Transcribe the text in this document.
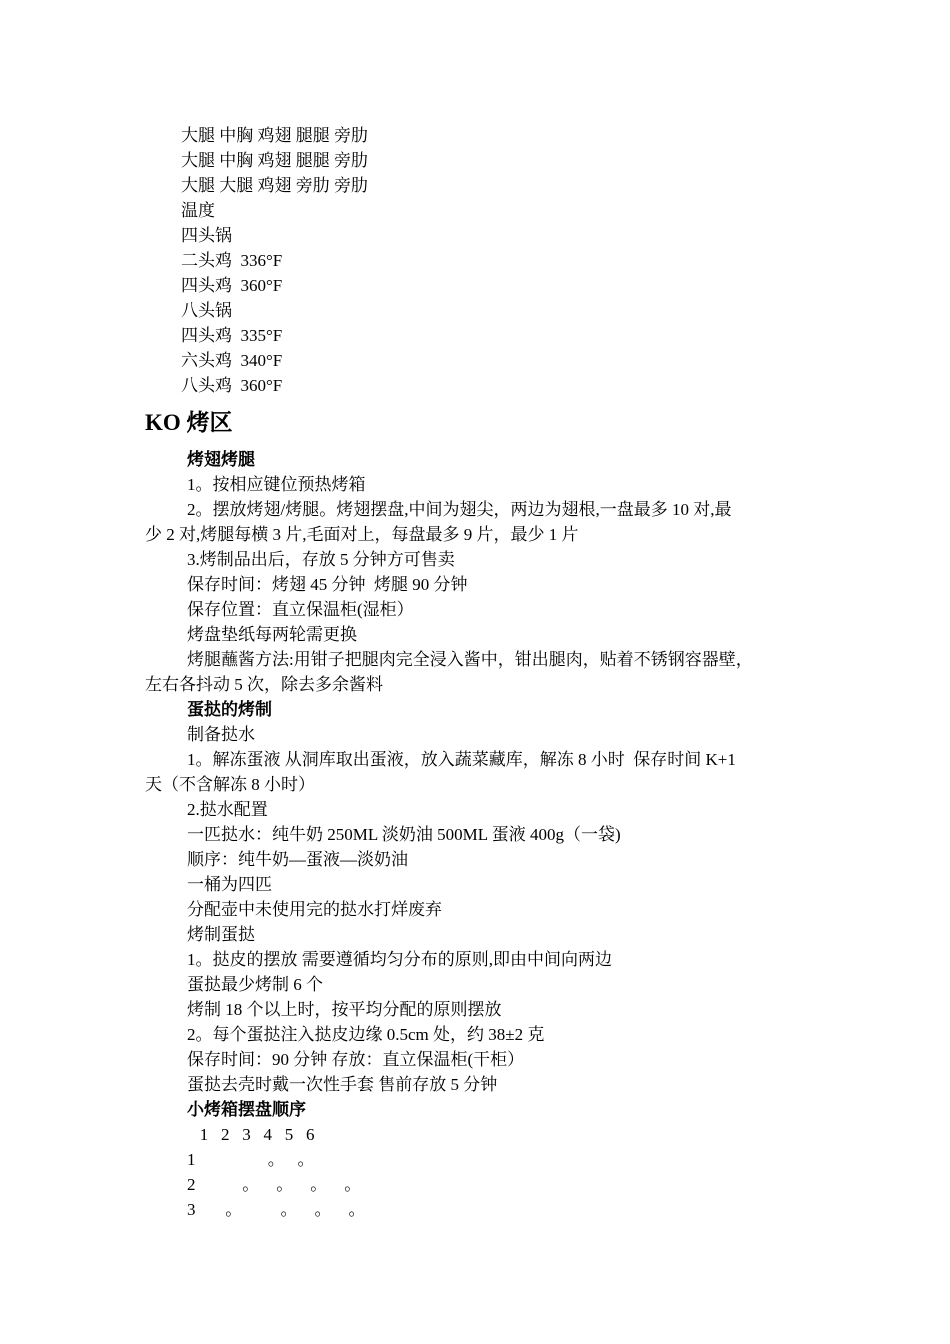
大腿 中胸 鸡翅 腿腿 旁肋
大腿 中胸 鸡翅 腿腿 旁肋
大腿 大腿 鸡翅 旁肋 旁肋
温度
四头锅
二头鸡  336°F
四头鸡  360°F
八头锅
四头鸡  335°F
六头鸡  340°F
八头鸡  360°F
KO 烤区
烤翅烤腿
1。按相应键位预热烤箱
2。摆放烤翅/烤腿。烤翅摆盘,中间为翅尖，两边为翅根,一盘最多 10 对,最
少 2 对,烤腿每横 3 片,毛面对上，每盘最多 9 片，最少 1 片
3.烤制品出后，存放 5 分钟方可售卖
保存时间：烤翅 45 分钟  烤腿 90 分钟
保存位置：直立保温柜(湿柜）
烤盘垫纸每两轮需更换
烤腿蘸酱方法:用钳子把腿肉完全浸入酱中，钳出腿肉，贴着不锈钢容器壁，
左右各抖动 5 次，除去多余酱料
蛋挞的烤制
制备挞水
1。解冻蛋液 从洞库取出蛋液，放入蔬菜藏库，解冻 8 小时  保存时间 K+1
天（不含解冻 8 小时）
2.挞水配置
一匹挞水：纯牛奶 250ML 淡奶油 500ML 蛋液 400g（一袋)
顺序：纯牛奶—蛋液—淡奶油
一桶为四匹
分配壶中未使用完的挞水打烊废弃
烤制蛋挞
1。挞皮的摆放 需要遵循均匀分布的原则,即由中间向两边
蛋挞最少烤制 6 个
烤制 18 个以上时，按平均分配的原则摆放
2。每个蛋挞注入挞皮边缘 0.5cm 处，约 38±2 克
保存时间：90 分钟 存放：直立保温柜(干柜）
蛋挞去壳时戴一次性手套 售前存放 5 分钟
小烤箱摆盘顺序
1   2   3   4   5   6
1                 。   。
2           。    。    。    。
3       。         。    。    。
